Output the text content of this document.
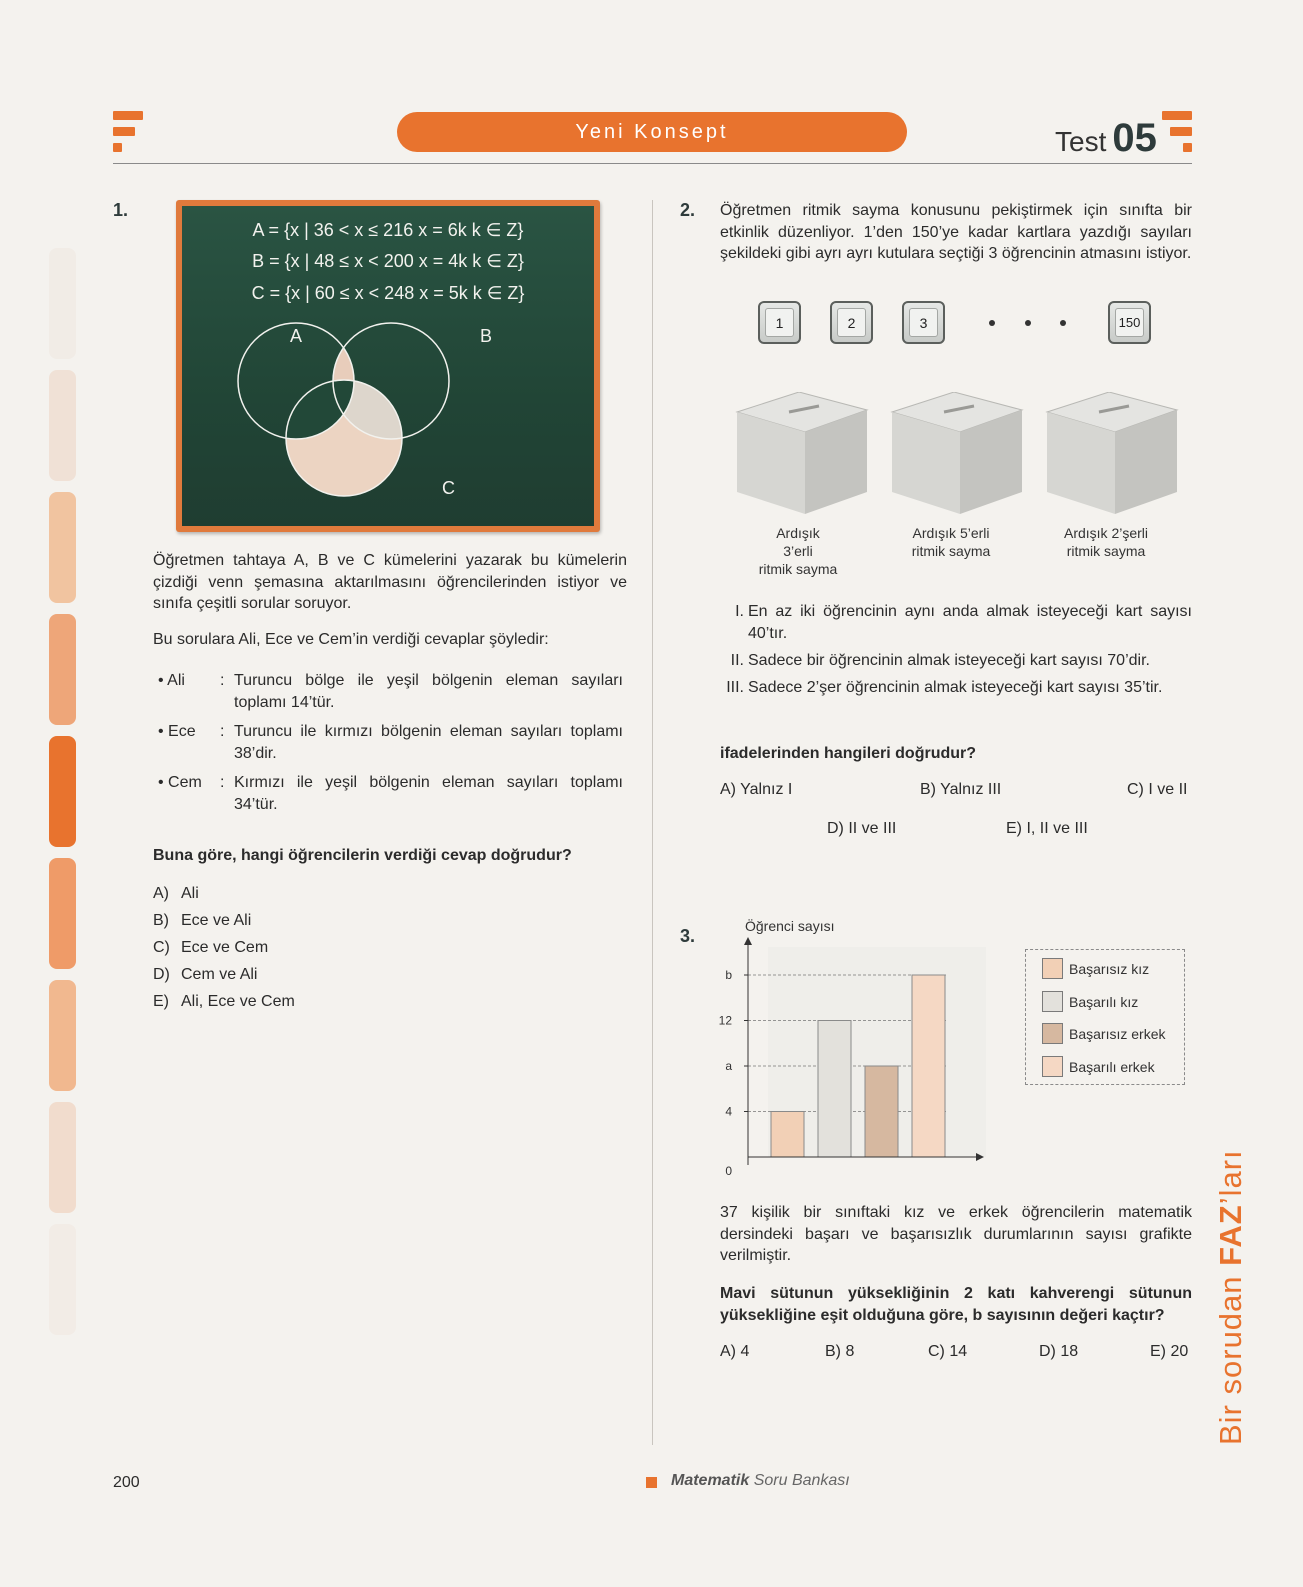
Yeni Konsept	Test 05
1.
A = {x | 36 < x ≤ 216 x = 6k k ∈ Z}
B = {x | 48 ≤ x < 200 x = 4k k ∈ Z}
C = {x | 60 ≤ x < 248 x = 5k k ∈ Z}
A	B
C
Öğretmen tahtaya A, B ve C kümelerini yazarak bu kümelerin çizdiği venn şemasına aktarılmasını öğrencilerinden istiyor ve sınıfa çeşitli sorular soruyor.
Bu sorulara Ali, Ece ve Cem’in verdiği cevaplar şöyledir:
• Ali : Turuncu bölge ile yeşil bölgenin eleman sayıları toplamı 14’tür.
• Ece : Turuncu ile kırmızı bölgenin eleman sayıları toplamı 38’dir.
• Cem : Kırmızı ile yeşil bölgenin eleman sayıları toplamı 34’tür.
Buna göre, hangi öğrencilerin verdiği cevap doğrudur?
A) Ali
B) Ece ve Ali
C) Ece ve Cem
D) Cem ve Ali
E) Ali, Ece ve Cem
2. Öğretmen ritmik sayma konusunu pekiştirmek için sınıfta bir etkinlik düzenliyor. 1’den 150’ye kadar kartlara yazdığı sayıları şekildeki gibi ayrı ayrı kutulara seçtiği 3 öğrencinin atmasını istiyor.
1	2	3	150
Ardışık
3’erli
ritmik sayma
Ardışık 5’erli
ritmik sayma
Ardışık 2’şerli
ritmik sayma
I. En az iki öğrencinin aynı anda almak isteyeceği kart sayısı 40’tır.
II. Sadece bir öğrencinin almak isteyeceği kart sayısı 70’dir.
III. Sadece 2’şer öğrencinin almak isteyeceği kart sayısı 35’tir.
ifadelerinden hangileri doğrudur?
A) Yalnız I	B) Yalnız III	C) I ve II
D) II ve III	E) I, II ve III
3.	Öğrenci sayısı
0
4
a
12
b	Başarısız kız
Başarılı kız
Başarısız erkek
Başarılı erkek
37 kişilik bir sınıftaki kız ve erkek öğrencilerin matematik dersindeki başarı ve başarısızlık durumlarının sayısı grafikte verilmiştir.
Mavi sütunun yüksekliğinin 2 katı kahverengi sütunun yüksekliğine eşit olduğuna göre, b sayısının değeri kaçtır?
A) 4	B) 8	C) 14	D) 18	E) 20
200	Matematik Soru Bankası
Bir sorudan FAZ’ları
